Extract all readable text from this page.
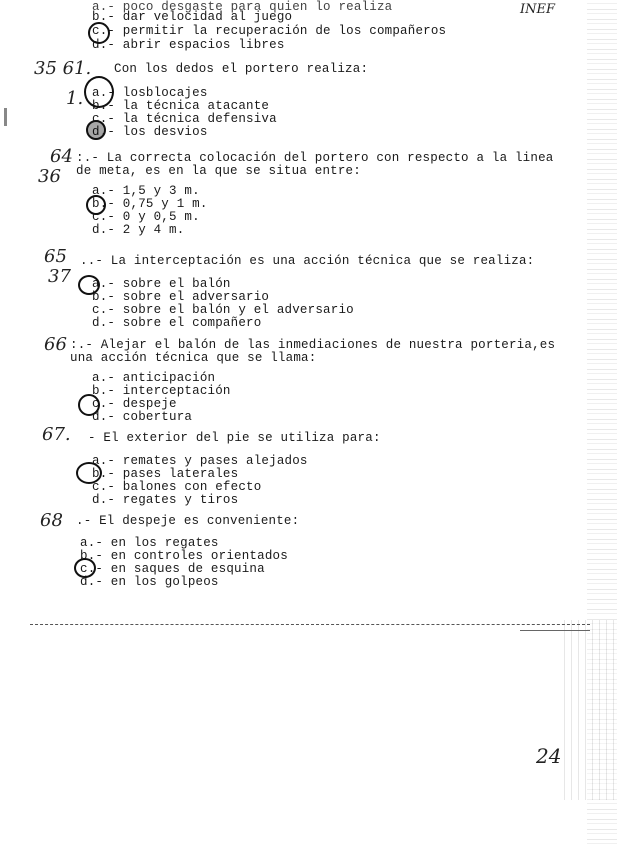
a.- poco desgaste para quien lo realiza	INEF
b.- dar velocidad al juego
c.- permitir la recuperación de los compañeros
d.- abrir espacios libres
35 61. Con los dedos el portero realiza:
1. a.- losblocajes
b.- la técnica atacante
c.- la técnica defensiva
d.- los desvios
64
36
:.- La correcta colocación del portero con respecto a la linea
de meta, es en la que se situa entre:
a.- 1,5 y 3 m.
b.- 0,75 y 1 m.
c.- 0 y 0,5 m.
d.- 2 y 4 m.
65
37
..- La interceptación es una acción técnica que se realiza:
a.- sobre el balón
b.- sobre el adversario
c.- sobre el balón y el adversario
d.- sobre el compañero
66 :.- Alejar el balón de las inmediaciones de nuestra porteria,es
una acción técnica que se llama:
a.- anticipación
b.- interceptación
c.- despeje
d.- cobertura
67. - El exterior del pie se utiliza para:
a.- remates y pases alejados
b.- pases laterales
c.- balones con efecto
d.- regates y tiros
68 .- El despeje es conveniente:
a.- en los regates
b.- en controles orientados
c.- en saques de esquina
d.- en los golpeos
24
